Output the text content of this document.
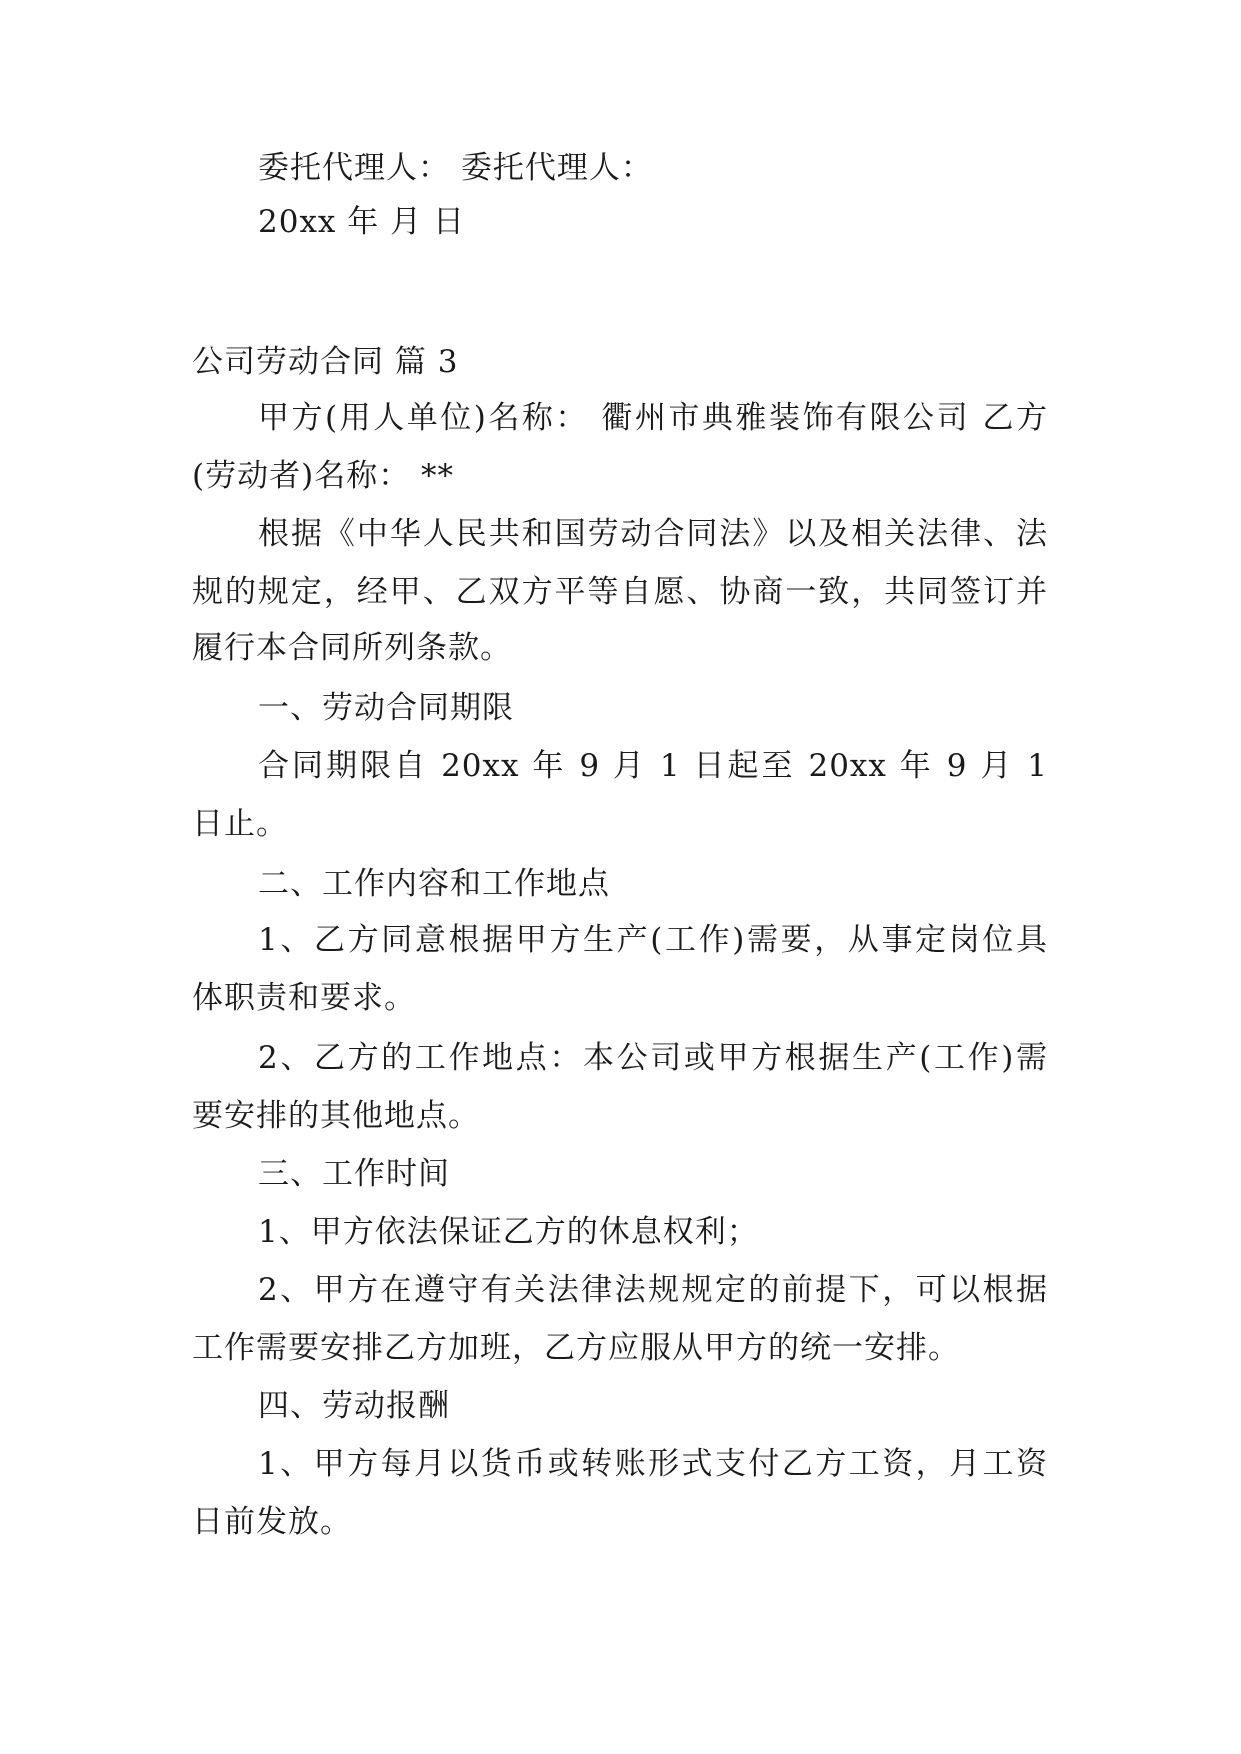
委托代理人： 委托代理人：
20xx 年 月 日
公司劳动合同 篇 3
甲方(用人单位)名称： 衢州市典雅装饰有限公司 乙方
(劳动者)名称： **
根据《中华人民共和国劳动合同法》以及相关法律、法
规的规定，经甲、乙双方平等自愿、协商一致，共同签订并
履行本合同所列条款。
一、劳动合同期限
合同期限自 20xx 年 9 月 1 日起至 20xx 年 9 月 1
日止。
二、工作内容和工作地点
1、乙方同意根据甲方生产(工作)需要，从事定岗位具
体职责和要求。
2、乙方的工作地点：本公司或甲方根据生产(工作)需
要安排的其他地点。
三、工作时间
1、甲方依法保证乙方的休息权利；
2、甲方在遵守有关法律法规规定的前提下，可以根据
工作需要安排乙方加班，乙方应服从甲方的统一安排。
四、劳动报酬
1、甲方每月以货币或转账形式支付乙方工资，月工资
日前发放。
